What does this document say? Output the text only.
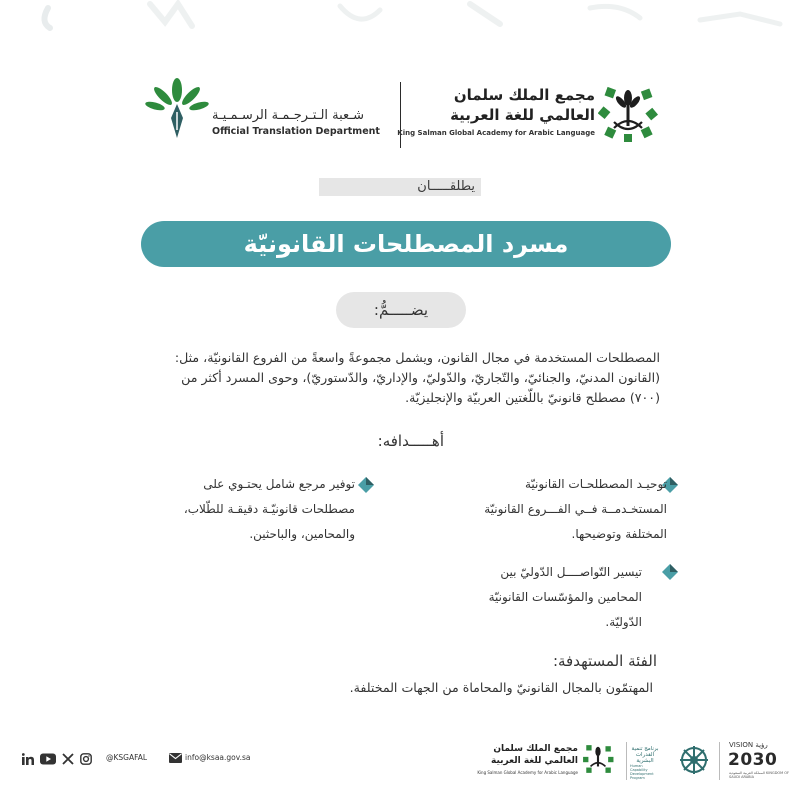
شـعبة الـتـرجـمـة الرسـمـيـة
Official Translation Department
مجمع الملك سلمان
العالمي للغة العربية
King Salman Global Academy for Arabic Language
يطلقـــــان
مسرد المصطلحات القانونيّة
يضـــــمُّ:
المصطلحات المستخدمة في مجال القانون، ويشمل مجموعةً واسعةً من الفروع القانونيّة، مثل: (القانون المدنيّ، والجنائيّ، والتّجاريّ، والدّوليّ، والإداريّ، والدّستوريّ)، وحوى المسرد أكثر من (٧٠٠) مصطلح قانونيّ باللّغتين العربيّة والإنجليزيّة.
أهـــــدافه:
توحيـد المصطلحـات القانونيّة المستخـدمــة فــي الفـــروع القانونيّة المختلفة وتوضيحها.
توفير مرجع شامل يحتـوي على مصطلحات قانونيّـة دقيقـة للطّلاب، والمحامين، والباحثين.
تيسير التّواصــــل الدّوليّ بين المحامين والمؤسّسات القانونيّة الدّوليّة.
الفئة المستهدفة:
المهتمّون بالمجال القانونيّ والمحاماة من الجهات المختلفة.
@KSGAFAL	info@ksaa.gov.sa
مجمع الملك سلمان
العالمي للغة العربية
King Salman Global Academy for Arabic Language
برنامج تنمية القدرات البشرية
Human Capability Development Program
VISION رؤية
2030
المملكة العربية السعودية KINGDOM OF SAUDI ARABIA
